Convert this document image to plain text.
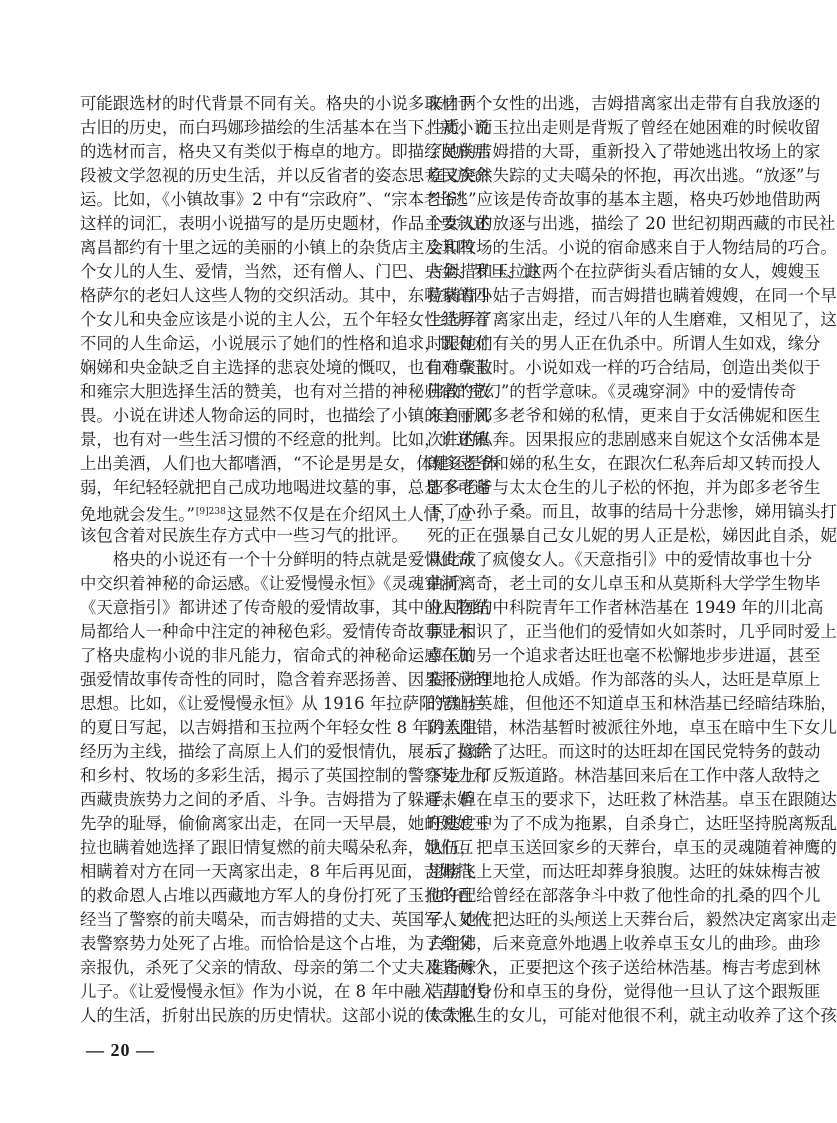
可能跟选材的时代背景不同有关。格央的小说多取材于
古旧的历史，而白玛娜珍描绘的生活基本在当下。就小说
的选材而言，格央又有类似于梅卓的地方。即描绘民族那
段被文学忽视的历史生活，并以反省者的姿态思考民族命
运。比如，《小镇故事》2 中有“宗政府”、“宗本老爷”
这样的词汇，表明小说描写的是历史题材，作品主要叙述
离昌都约有十里之远的美丽的小镇上的杂货店主及其四
个女儿的人生、爱情，当然，还有僧人、门巴、央金、罗旦、讲
格萨尔的老妇人这些人物的交织活动。其中，东噶家的四
个女儿和央金应该是小说的主人公，五个年轻女性经历着
不同的人生命运，小说展示了她们的性格和追求，既有对
娴娣和央金缺乏自主选择的悲哀处境的慨叹，也有对卓玉
和雍宗大胆选择生活的赞美，也有对兰措的神秘归宿的敬
畏。小说在讲述人物命运的同时，也描绘了小镇的美丽风
景，也有对一些生活习惯的不经意的批判。比如，讲述镇
上出美酒，人们也大都嗜酒，“不论是男是女，体健还是体
弱，年纪轻轻就把自己成功地喝进坟墓的事，总是不可避
免地就会发生。”$^{[9]238}$这显然不仅是在介绍风土人情，应
该包含着对民族生存方式中一些习气的批评。
格央的小说还有一个十分鲜明的特点就是爱情传奇
中交织着神秘的命运感。《让爱慢慢永恒》《灵魂穿洞》
《天意指引》都讲述了传奇般的爱情故事，其中的人物结
局都给人一种命中注定的神秘色彩。爱情传奇故事显示
了格央虚构小说的非凡能力，宿命式的神秘命运感在加
强爱情故事传奇性的同时，隐含着弃恶扬善、因果报应的
思想。比如，《让爱慢慢永恒》从 1916 年拉萨阳光灿烂
的夏日写起，以吉姆措和玉拉两个年轻女性 8 年的人生
经历为主线，描绘了高原上人们的爱恨情仇，展示了拉萨
和乡村、牧场的多彩生活，揭示了英国控制的警察势力和
西藏贵族势力之间的矛盾、斗争。吉姆措为了躲避未婚
先孕的耻辱，偷偷离家出走，在同一天早晨，她的嫂嫂玉
拉也瞒着她选择了跟旧情复燃的前夫噶朵私奔，她们互
相瞒着对方在同一天离家出走，8 年后再见面，吉姆措
的救命恩人占堆以西藏地方军人的身份打死了玉拉的已
经当了警察的前夫噶朵，而吉姆措的丈夫、英国军人又代
表警察势力处死了占堆。而恰恰是这个占堆，为了给父
亲报仇，杀死了父亲的情敌、母亲的第二个丈夫及其两个
儿子。《让爱慢慢永恒》作为小说，在 8 年中融入了几代
人的生活，折射出民族的历史情状。这部小说的传奇性
来自两个女性的出逃，吉姆措离家出走带有自我放逐的
性质，而玉拉出走则是背叛了曾经在她困难的时候收留
了她的吉姆措的大哥，重新投入了带她逃出牧场上的家
庭又突然失踪的丈夫噶朵的怀抱，再次出逃。“放逐”与
“出逃”应该是传奇故事的基本主题，格央巧妙地借助两
个女人的放逐与出逃，描绘了 20 世纪初期西藏的市民社
会和牧场的生活。小说的宿命感来自于人物结局的巧合。
吉姆措和玉拉这两个在拉萨街头看店铺的女人，嫂嫂玉
拉瞒着小姑子吉姆措，而吉姆措也瞒着嫂嫂，在同一个早
上选择了离家出走，经过八年的人生磨难，又相见了，这
时跟她们有关的男人正在仇杀中。所谓人生如戏，缘分
自有聚散时。小说如戏一样的巧合结局，创造出类似于
佛教“空幻”的哲学意味。《灵魂穿洞》中的爱情传奇
来自于郎多老爷和娣的私情，更来自于女活佛妮和医生
次仁的私奔。因果报应的悲剧感来自妮这个女活佛本是
朗多老爷和娣的私生女，在跟次仁私奔后却又转而投人
郎多老爷与太太仓生的儿子松的怀抱，并为郎多老爷生
下了小孙子桑。而且，故事的结局十分悲惨，娣用镐头打
死的正在强暴自己女儿妮的男人正是松，娣因此自杀，妮
从此成了疯傻女人。《天意指引》中的爱情故事也十分
曲折离奇，老土司的女儿卓玉和从莫斯科大学学生物毕
业回国的中科院青年工作者林浩基在 1949 年的川北高
原上相识了，正当他们的爱情如火如荼时，几乎同时爱上
卓玉的另一个追求者达旺也毫不松懈地步步进逼，甚至
蛮不讲理地抢人成婚。作为部落的头人，达旺是草原上
的赛马英雄，但他还不知道卓玉和林浩基已经暗结珠胎，
阴差阳错，林浩基暂时被派往外地，卓玉在暗中生下女儿
后，嫁给了达旺。而这时的达旺却在国民党特务的鼓动
下走上了反叛道路。林浩基回来后在工作中落人敌特之
手，但在卓玉的要求下，达旺救了林浩基。卓玉在跟随达
旺逃亡中为了不成为拖累，自杀身亡，达旺坚持脱离叛乱
队伍，把卓玉送回家乡的天葬台，卓玉的灵魂随着神鹰的
翅膀飞上天堂，而达旺却葬身狼腹。达旺的妹妹梅吉被
他许配给曾经在部落争斗中救了他性命的扎桑的四个儿
子，她在把达旺的头颅送上天葬台后，毅然决定离家出走
去朝佛，后来竟意外地遇上收养卓玉女儿的曲珍。曲珍
准备嫁人，正要把这个孩子送给林浩基。梅吉考虑到林
浩基的身份和卓玉的身份，觉得他一旦认了这个跟叛匪
太太私生的女儿，可能对他很不利，就主动收养了这个孩
— 20 —
